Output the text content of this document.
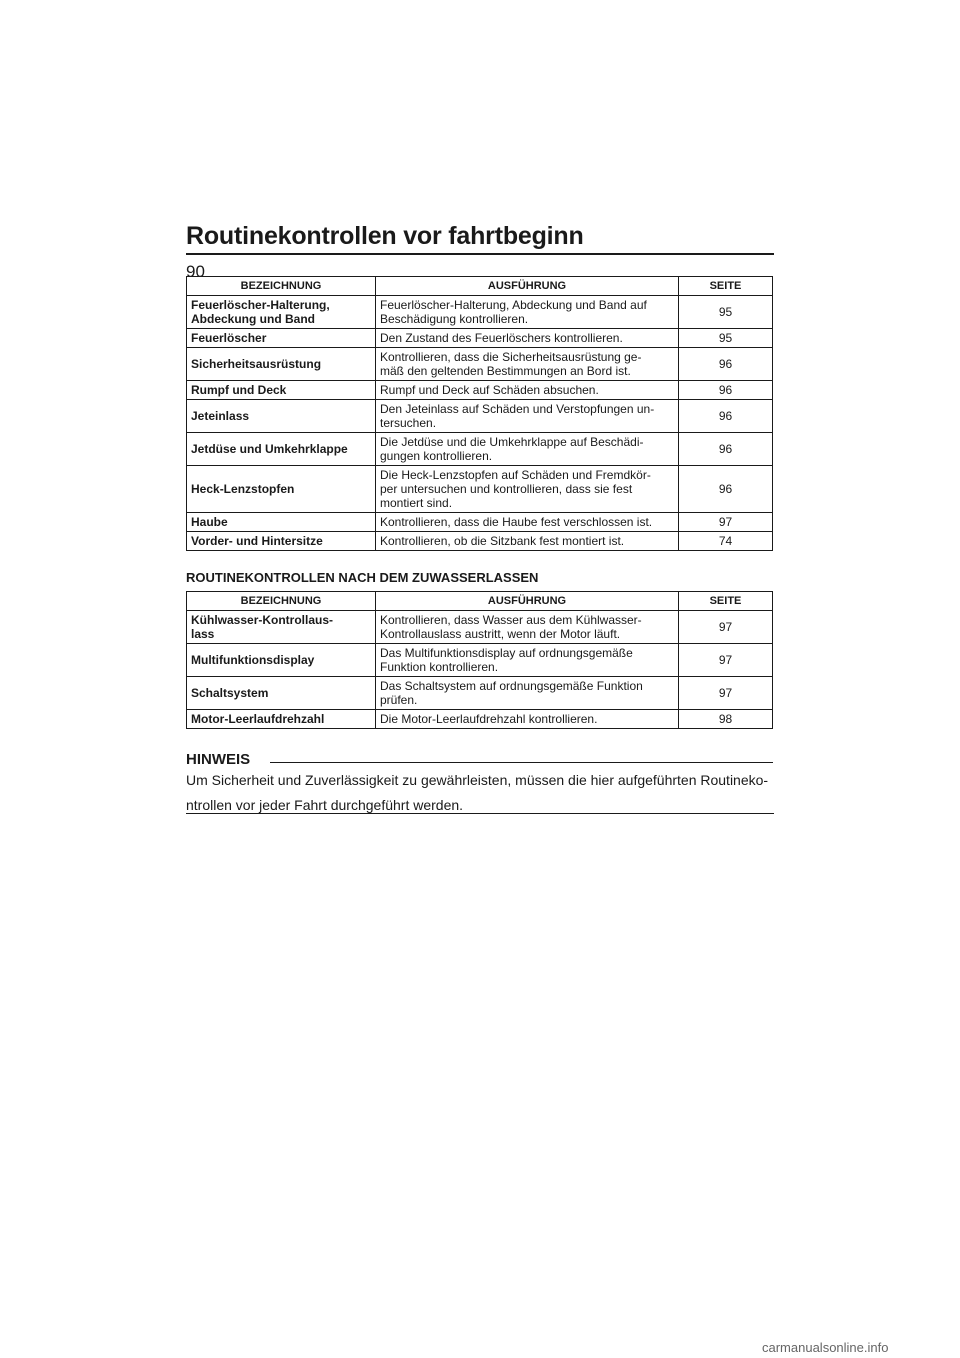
Routinekontrollen vor fahrtbeginn
90
BEZEICHNUNG	AUSFÜHRUNG	SEITE
Feuerlöscher-Halterung,
Abdeckung und Band	Feuerlöscher-Halterung, Abdeckung und Band auf
Beschädigung kontrollieren.	95
Feuerlöscher	Den Zustand des Feuerlöschers kontrollieren.	95
Sicherheitsausrüstung	Kontrollieren, dass die Sicherheitsausrüstung ge-
mäß den geltenden Bestimmungen an Bord ist.	96
Rumpf und Deck	Rumpf und Deck auf Schäden absuchen.	96
Jeteinlass	Den Jeteinlass auf Schäden und Verstopfungen un-
tersuchen.	96
Jetdüse und Umkehrklappe	Die Jetdüse und die Umkehrklappe auf Beschädi-
gungen kontrollieren.	96
Heck-Lenzstopfen	Die Heck-Lenzstopfen auf Schäden und Fremdkör-
per untersuchen und kontrollieren, dass sie fest
montiert sind.	96
Haube	Kontrollieren, dass die Haube fest verschlossen ist.	97
Vorder- und Hintersitze	Kontrollieren, ob die Sitzbank fest montiert ist.	74
ROUTINEKONTROLLEN NACH DEM ZUWASSERLASSEN
BEZEICHNUNG	AUSFÜHRUNG	SEITE
Kühlwasser-Kontrollaus-
lass	Kontrollieren, dass Wasser aus dem Kühlwasser-
Kontrollauslass austritt, wenn der Motor läuft.	97
Multifunktionsdisplay	Das Multifunktionsdisplay auf ordnungsgemäße
Funktion kontrollieren.	97
Schaltsystem	Das Schaltsystem auf ordnungsgemäße Funktion
prüfen.	97
Motor-Leerlaufdrehzahl	Die Motor-Leerlaufdrehzahl kontrollieren.	98
HINWEIS

Um Sicherheit und Zuverlässigkeit zu gewährleisten, müssen die hier aufgeführten Routineko-
ntrollen vor jeder Fahrt durchgeführt werden.

carmanualsonline.info
